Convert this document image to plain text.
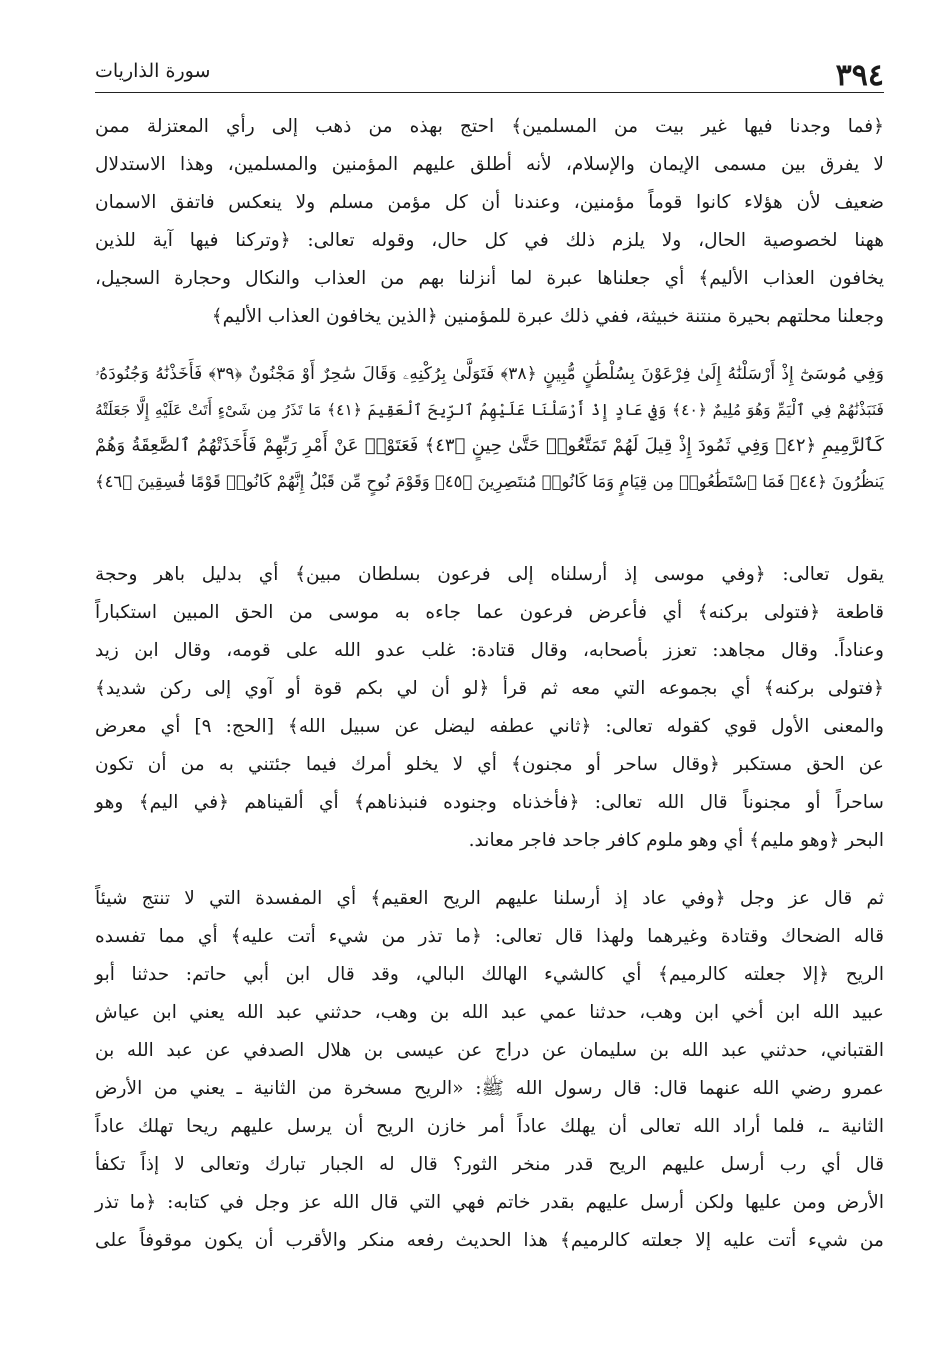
٣٩٤
سورة الذاريات
﴿فما وجدنا فيها غير بيت من المسلمين﴾ احتج بهذه من ذهب إلى رأي المعتزلة ممن
لا يفرق بين مسمى الإيمان والإسلام، لأنه أطلق عليهم المؤمنين والمسلمين، وهذا الاستدلال
ضعيف لأن هؤلاء كانوا قوماً مؤمنين، وعندنا أن كل مؤمن مسلم ولا ينعكس فاتفق الاسمان
ههنا لخصوصية الحال، ولا يلزم ذلك في كل حال، وقوله تعالى: ﴿وتركنا فيها آية للذين
يخافون العذاب الأليم﴾ أي جعلناها عبرة لما أنزلنا بهم من العذاب والنكال وحجارة السجيل،
وجعلنا محلتهم بحيرة منتنة خبيثة، ففي ذلك عبرة للمؤمنين ﴿الذين يخافون العذاب الأليم﴾
وَفِي مُوسَىٰٓ إِذْ أَرْسَلْنَٰهُ إِلَىٰ فِرْعَوْنَ بِسُلْطَٰنٍ مُّبِينٍ ﴿٣٨﴾ فَتَوَلَّىٰ بِرُكْنِهِۦ وَقَالَ سَٰحِرٌ أَوْ مَجْنُونٌ ﴿٣٩﴾ فَأَخَذْنَٰهُ وَجُنُودَهُۥ
فَنَبَذْنَٰهُمْ فِي ٱلْيَمِّ وَهُوَ مُلِيمٌ ﴿٤٠﴾ وَفِي عَادٍ إِذْ أَرْسَلْنَا عَلَيْهِمُ ٱلرِّيحَ ٱلْعَقِيمَ ﴿٤١﴾ مَا تَذَرُ مِن شَىْءٍ أَتَتْ عَلَيْهِ إِلَّا جَعَلَتْهُ
كَٱلرَّمِيمِ ﴿٤٢﴾ وَفِي ثَمُودَ إِذْ قِيلَ لَهُمْ تَمَتَّعُوا۟ حَتَّىٰ حِينٍ ﴿٤٣﴾ فَعَتَوْا۟ عَنْ أَمْرِ رَبِّهِمْ فَأَخَذَتْهُمُ ٱلصَّٰعِقَةُ وَهُمْ
يَنظُرُونَ ﴿٤٤﴾ فَمَا ٱسْتَطَٰعُوا۟ مِن قِيَامٍ وَمَا كَانُوا۟ مُنتَصِرِينَ ﴿٤٥﴾ وَقَوْمَ نُوحٍ مِّن قَبْلُ إِنَّهُمْ كَانُوا۟ قَوْمًا فَٰسِقِينَ ﴿٤٦﴾
يقول تعالى: ﴿وفي موسى إذ أرسلناه إلى فرعون بسلطان مبين﴾ أي بدليل باهر وحجة
قاطعة ﴿فتولى بركنه﴾ أي فأعرض فرعون عما جاءه به موسى من الحق المبين استكباراً
وعناداً. وقال مجاهد: تعزز بأصحابه، وقال قتادة: غلب عدو الله على قومه، وقال ابن زيد
﴿فتولى بركنه﴾ أي بجموعه التي معه ثم قرأ ﴿لو أن لي بكم قوة أو آوي إلى ركن شديد﴾
والمعنى الأول قوي كقوله تعالى: ﴿ثاني عطفه ليضل عن سبيل الله﴾ [الحج: ٩] أي معرض
عن الحق مستكبر ﴿وقال ساحر أو مجنون﴾ أي لا يخلو أمرك فيما جئتني به من أن تكون
ساحراً أو مجنوناً قال الله تعالى: ﴿فأخذناه وجنوده فنبذناهم﴾ أي ألقيناهم ﴿في اليم﴾ وهو
البحر ﴿وهو مليم﴾ أي وهو ملوم كافر جاحد فاجر معاند.
ثم قال عز وجل ﴿وفي عاد إذ أرسلنا عليهم الريح العقيم﴾ أي المفسدة التي لا تنتج شيئاً
قاله الضحاك وقتادة وغيرهما ولهذا قال تعالى: ﴿ما تذر من شيء أتت عليه﴾ أي مما تفسده
الريح ﴿إلا جعلته كالرميم﴾ أي كالشيء الهالك البالي، وقد قال ابن أبي حاتم: حدثنا أبو
عبيد الله ابن أخي ابن وهب، حدثنا عمي عبد الله بن وهب، حدثني عبد الله يعني ابن عياش
القتباني، حدثني عبد الله بن سليمان عن دراج عن عيسى بن هلال الصدفي عن عبد الله بن
عمرو رضي الله عنهما قال: قال رسول الله ﷺ: «الريح مسخرة من الثانية ـ يعني من الأرض
الثانية ـ، فلما أراد الله تعالى أن يهلك عاداً أمر خازن الريح أن يرسل عليهم ريحا تهلك عاداً
قال أي رب أرسل عليهم الريح قدر منخر الثور؟ قال له الجبار تبارك وتعالى لا إذاً تكفأ
الأرض ومن عليها ولكن أرسل عليهم بقدر خاتم فهي التي قال الله عز وجل في كتابه: ﴿ما تذر
من شيء أتت عليه إلا جعلته كالرميم﴾ هذا الحديث رفعه منكر والأقرب أن يكون موقوفاً على
